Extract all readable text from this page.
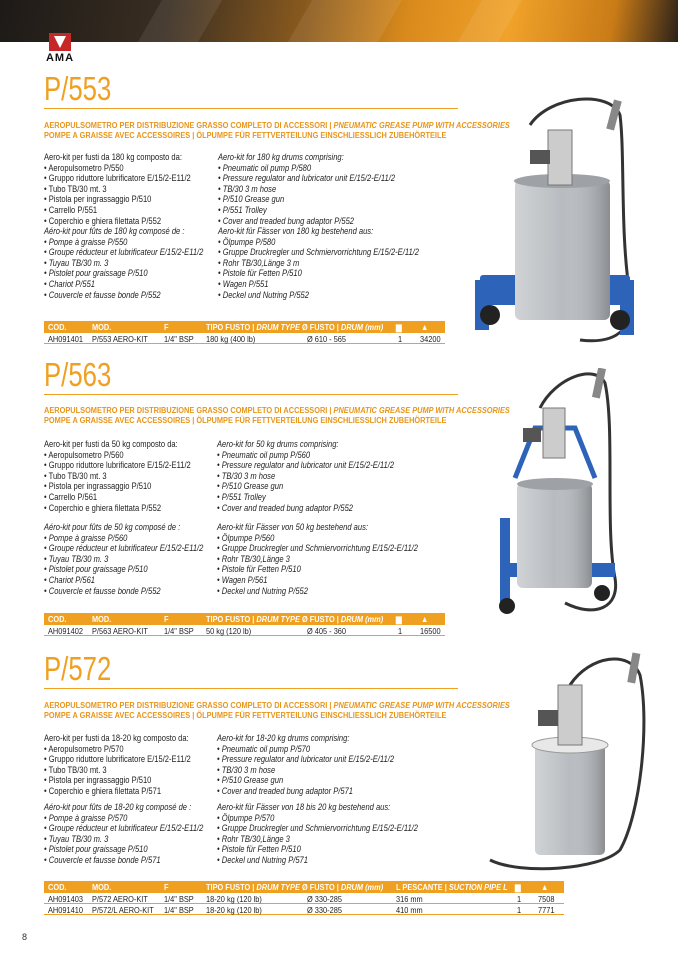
AMA
P/553
AEROPULSOMETRO PER DISTRIBUZIONE GRASSO COMPLETO DI ACCESSORI | PNEUMATIC GREASE PUMP WITH ACCESSORIES
POMPE A GRAISSE AVEC ACCESSOIRES | ÖLPUMPE FÜR FETTVERTEILUNG EINSCHLIESSLICH ZUBEHÖRTEILE
Aero-kit per fusti da 180 kg composto da:
• Aeropulsometro P/550
• Gruppo riduttore lubrificatore E/15/2-E11/2
• Tubo TB/30 mt. 3
• Pistola per ingrassaggio P/510
• Carrello P/551
• Coperchio e ghiera filettata P/552
Aéro-kit pour fûts de 180 kg composé de :
• Pompe à graisse P/550
• Groupe réducteur et lubrificateur E/15/2-E11/2
• Tuyau TB/30 m. 3
• Pistolet pour graissage P/510
• Chariot P/551
• Couvercle et fausse bonde P/552
Aero-kit for 180 kg drums comprising:
• Pneumatic oil pump P/580
• Pressure regulator and lubricator unit E/15/2-E/11/2
• TB/30 3 m hose
• P/510 Grease gun
• P/551 Trolley
• Cover and treaded bung adaptor P/552
Aero-kit für Fässer von 180 kg bestehend aus:
• Ölpumpe P/580
• Gruppe Druckregler und Schmiervorrichtung E/15/2-E/11/2
• Rohr TB/30,Länge 3 m
• Pistole für Fetten P/510
• Wagen P/551
• Deckel und Nutring P/552
COD.	MOD.	F	TIPO FUSTO | DRUM TYPE Ø FUSTO | DRUM (mm) ▆ ▲
AH091401 P/553 AERO-KIT 1/4" BSP 180 kg (400 lb)	Ø 610 - 565	1 34200
P/563
AEROPULSOMETRO PER DISTRIBUZIONE GRASSO COMPLETO DI ACCESSORI | PNEUMATIC GREASE PUMP WITH ACCESSORIES
POMPE A GRAISSE AVEC ACCESSOIRES | ÖLPUMPE FÜR FETTVERTEILUNG EINSCHLIESSLICH ZUBEHÖRTEILE
Aero-kit per fusti da 50 kg composto da:
• Aeropulsometro P/560
• Gruppo riduttore lubrificatore E/15/2-E11/2
• Tubo TB/30 mt. 3
• Pistola per ingrassaggio P/510
• Carrello P/561
• Coperchio e ghiera filettata P/552
Aéro-kit pour fûts de 50 kg composé de :
• Pompe à graisse P/560
• Groupe réducteur et lubrificateur E/15/2-E11/2
• Tuyau TB/30 m. 3
• Pistolet pour graissage P/510
• Chariot P/561
• Couvercle et fausse bonde P/552
Aero-kit for 50 kg drums comprising:
• Pneumatic oil pump P/560
• Pressure regulator and lubricator unit E/15/2-E/11/2
• TB/30 3 m hose
• P/510 Grease gun
• P/551 Trolley
• Cover and treaded bung adaptor P/552
Aero-kit für Fässer von 50 kg bestehend aus:
• Ölpumpe P/560
• Gruppe Druckregler und Schmiervorrichtung E/15/2-E/11/2
• Rohr TB/30,Länge 3
• Pistole für Fetten P/510
• Wagen P/561
• Deckel und Nutring P/552
COD.	MOD.	F	TIPO FUSTO | DRUM TYPE Ø FUSTO | DRUM (mm) ▆ ▲
AH091402 P/563 AERO-KIT 1/4" BSP 50 kg (120 lb)	Ø 405 - 360	1 16500
P/572
AEROPULSOMETRO PER DISTRIBUZIONE GRASSO COMPLETO DI ACCESSORI | PNEUMATIC GREASE PUMP WITH ACCESSORIES
POMPE A GRAISSE AVEC ACCESSOIRES | ÖLPUMPE FÜR FETTVERTEILUNG EINSCHLIESSLICH ZUBEHÖRTEILE
Aero-kit per fusti da 18-20 kg composto da:
• Aeropulsometro P/570
• Gruppo riduttore lubrificatore E/15/2-E11/2
• Tubo TB/30 mt. 3
• Pistola per ingrassaggio P/510
• Coperchio e ghiera filettata P/571
Aéro-kit pour fûts de 18-20 kg composé de :
• Pompe à graisse P/570
• Groupe réducteur et lubrificateur E/15/2-E11/2
• Tuyau TB/30 m. 3
• Pistolet pour graissage P/510
• Couvercle et fausse bonde P/571
Aero-kit for 18-20 kg drums comprising:
• Pneumatic oil pump P/570
• Pressure regulator and lubricator unit E/15/2-E/11/2
• TB/30 3 m hose
• P/510 Grease gun
• Cover and treaded bung adaptor P/571
Aero-kit für Fässer von 18 bis 20 kg bestehend aus:
• Ölpumpe P/570
• Gruppe Druckregler und Schmiervorrichtung E/15/2-E/11/2
• Rohr TB/30,Länge 3
• Pistole für Fetten P/510
• Deckel und Nutring P/571
COD.	MOD.	F	TIPO FUSTO | DRUM TYPE Ø FUSTO | DRUM (mm) L PESCANTE | SUCTION PIPE L ▆ ▲
AH091403 P/572 AERO-KIT 1/4" BSP 18-20 kg (120 lb)	Ø 330-285	316 mm	1 7508
AH091410 P/572/L AERO-KIT 1/4" BSP 18-20 kg (120 lb)	Ø 330-285	410 mm	1 7771
8
